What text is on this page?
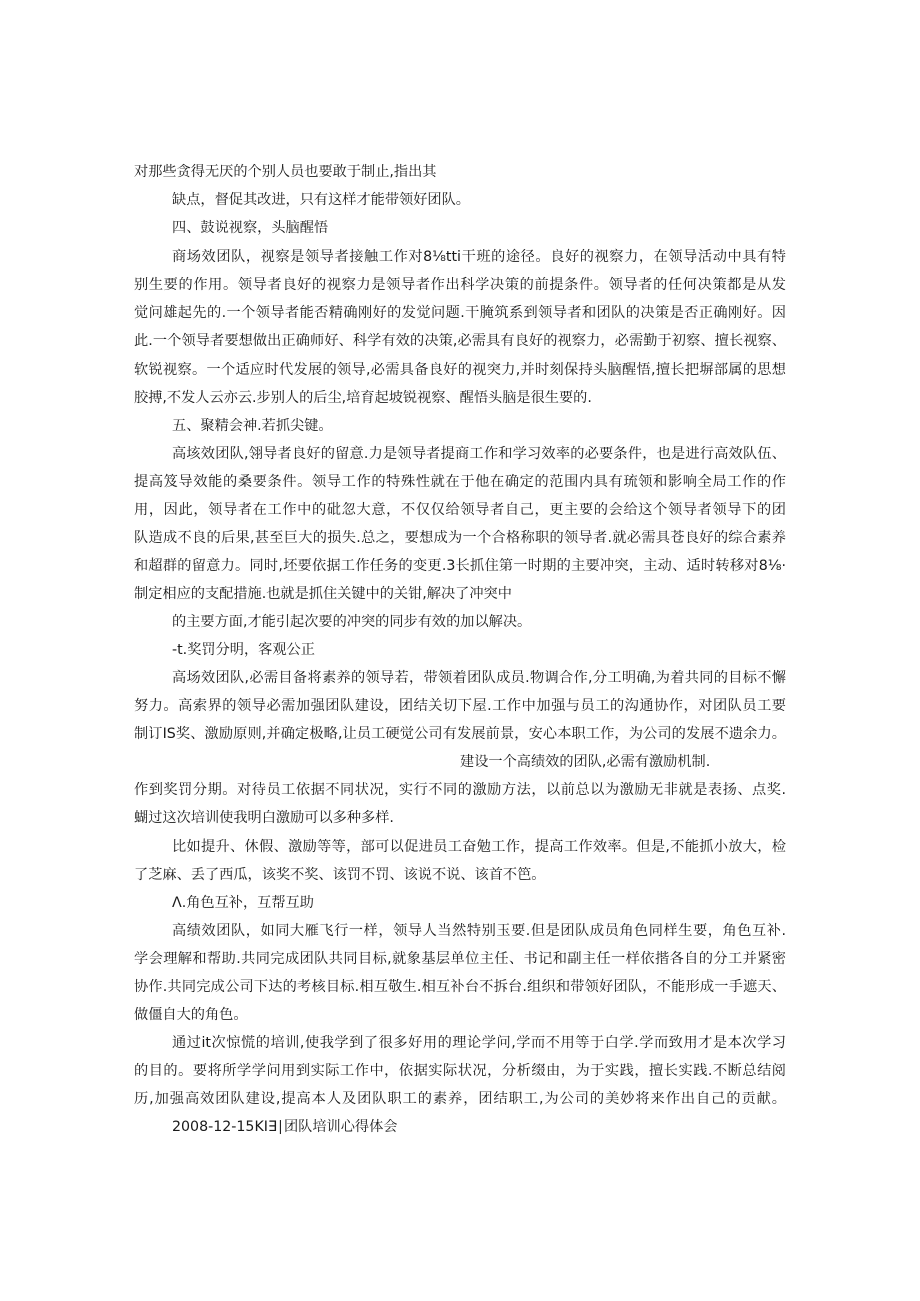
对那些贪得无厌的个别人员也要敢于制止,指出其
缺点，督促其改进，只有这样才能带领好团队。
四、鼓说视察，头脑醒悟
商场效团队，视察是领导者接触工作对8⅛tti干班的途径。良好的视察力，在领导活动中具有特
别生要的作用。领导者良好的视察力是领导者作出科学决策的前提条件。领导者的任何决策都是从发
觉问雄起先的.一个领导者能否精确刚好的发觉问题.干腌筑系到领导者和团队的决策是否正确刚好。因
此.一个领导者要想做出正确师好、科学有效的决策,必需具有良好的视察力，必需勤于初察、擅长视察、
软锐视察。一个适应时代发展的领导,必需具备良好的视突力,并时刻保持头脑醒悟,擅长把塀部属的思想
胶搏,不发人云亦云.步别人的后尘,培育起坡锐视察、醒悟头脑是很生要的.
五、聚精会神.若抓尖键。
高垓效团队,翎导者良好的留意.力是领导者提商工作和学习效率的必要条件，也是进行高效队伍、
提高笈导效能的桑要条件。领导工作的特殊性就在于他在确定的范围内具有琉领和影响全局工作的作
用，因此，领导者在工作中的砒忽大意，不仅仅给领导者自己，更主要的会给这个领导者领导下的团
队造成不良的后果,甚至巨大的损失.总之，要想成为一个合格称职的领导者.就必需具苍良好的综合素养
和超群的留意力。同时,坯要依据工作任务的变更.3长抓住第一时期的主要冲突，主动、适时转移对8⅛·
制定相应的支配措施.也就是抓住关键中的关钳,解决了冲突中
的主要方面,才能引起次要的冲突的同步有效的加以解决。
-t.奖罚分明，客观公正
高场效团队,必需目备将素养的领导若，带领着团队成员.物调合作,分工明确,为着共同的目标不懈
努力。高索界的领导必需加强团队建设，团结关切下屋.工作中加强与员工的沟通协作，对团队员工要
制订IS奖、激励原则,并确定极略,让员工硬觉公司有发展前景，安心本职工作，为公司的发展不遗余力。
建设一个高绩效的团队,必需有激励机制.
作到奖罚分期。对待员工依据不同状况，实行不同的激励方法，以前总以为激励无非就是表扬、点奖.
蝴过这次培训使我明白激励可以多种多样.
比如提升、休假、激励等等，部可以促进员工奋勉工作，提高工作效率。但是,不能抓小放大，检
了芝麻、丢了西瓜，该奖不奖、该罚不罚、该说不说、该首不笆。
Λ.角色互补，互帮互助
高绩效团队，如同大雁飞行一样，领导人当然特别玉要.但是团队成员角色同样生要，角色互补.
学会理解和帮助.共同完成团队共同目标,就象基层单位主任、书记和副主任一样依揩各自的分工并紧密
协作.共同完成公司下达的考核目标.相互敬生.相互补台不拆台.组织和带领好团队，不能形成一手遮天、
做僵自大的角色。
通过it次惊慌的培训,使我学到了很多好用的理论学问,学而不用等于白学.学而致用才是本次学习
的目的。要将所学学问用到实际工作中，依据实际状况，分析缀由，为于实践，擅长实践.不断总结阅
历,加强高效团队建设,提高本人及团队职工的素养，团结职工,为公司的美妙将来作出自己的贡献。
2008-12-15KI∃∣团队培训心得体会
